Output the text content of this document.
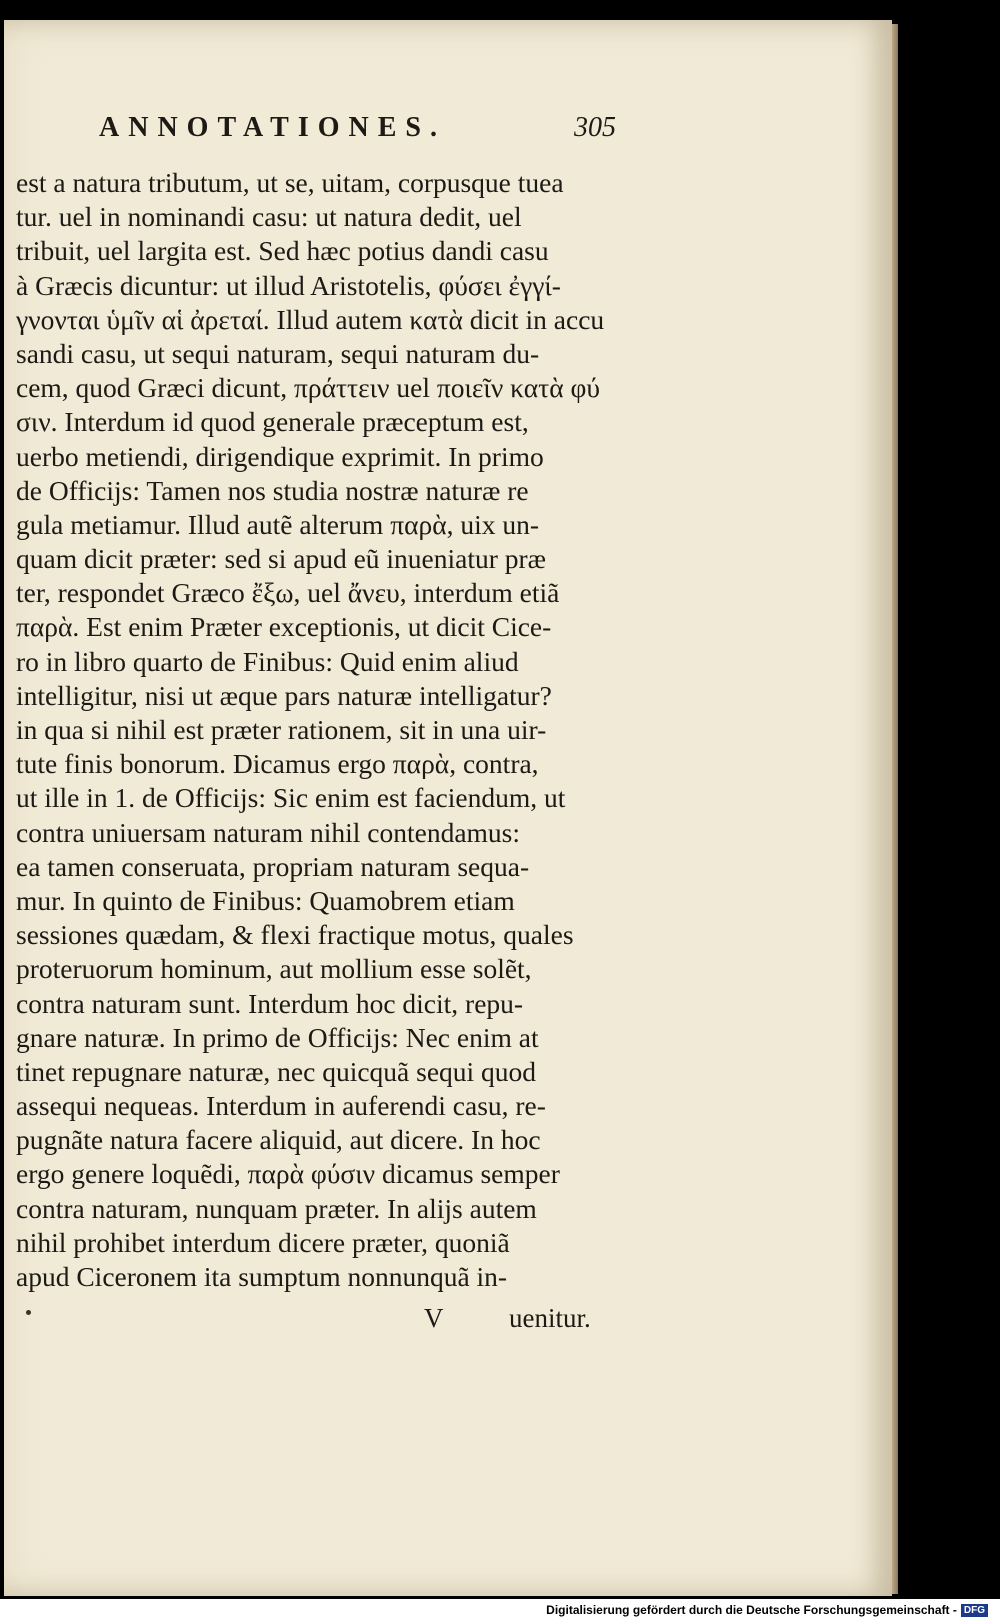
ANNOTATIONES.	305
est a natura tributum, ut se, uitam, corpusque tuea
tur. uel in nominandi casu: ut natura dedit, uel
tribuit, uel largita est. Sed hæc potius dandi casu
à Græcis dicuntur: ut illud Aristotelis, φύσει ἐγγί-
γνονται ὑμῖν αἱ ἀρεταί. Illud autem κατὰ dicit in accu
sandi casu, ut sequi naturam, sequi naturam du-
cem, quod Græci dicunt, πράττειν uel ποιεῖν κατὰ φύ
σιν. Interdum id quod generale præceptum est,
uerbo metiendi, dirigendique exprimit. In primo
de Officijs: Tamen nos studia nostræ naturæ re
gula metiamur. Illud autẽ alterum παρὰ, uix un-
quam dicit præter: sed si apud eũ inueniatur præ
ter, respondet Græco ἔξω, uel ἄνευ, interdum etiã
παρὰ. Est enim Præter exceptionis, ut dicit Cice-
ro in libro quarto de Finibus: Quid enim aliud
intelligitur, nisi ut æque pars naturæ intelligatur?
in qua si nihil est præter rationem, sit in una uir-
tute finis bonorum. Dicamus ergo παρὰ, contra,
ut ille in 1. de Officijs: Sic enim est faciendum, ut
contra uniuersam naturam nihil contendamus:
ea tamen conseruata, propriam naturam sequa-
mur. In quinto de Finibus: Quamobrem etiam
sessiones quædam, & flexi fractique motus, quales
proteruorum hominum, aut mollium esse solẽt,
contra naturam sunt. Interdum hoc dicit, repu-
gnare naturæ. In primo de Officijs: Nec enim at
tinet repugnare naturæ, nec quicquã sequi quod
assequi nequeas. Interdum in auferendi casu, re-
pugnãte natura facere aliquid, aut dicere. In hoc
ergo genere loquẽdi, παρὰ φύσιν dicamus semper
contra naturam, nunquam præter. In alijs autem
nihil prohibet interdum dicere præter, quoniã
apud Ciceronem ita sumptum nonnunquã in-
V uenitur.
Digitalisierung gefördert durch die Deutsche Forschungsgemeinschaft - DFG
